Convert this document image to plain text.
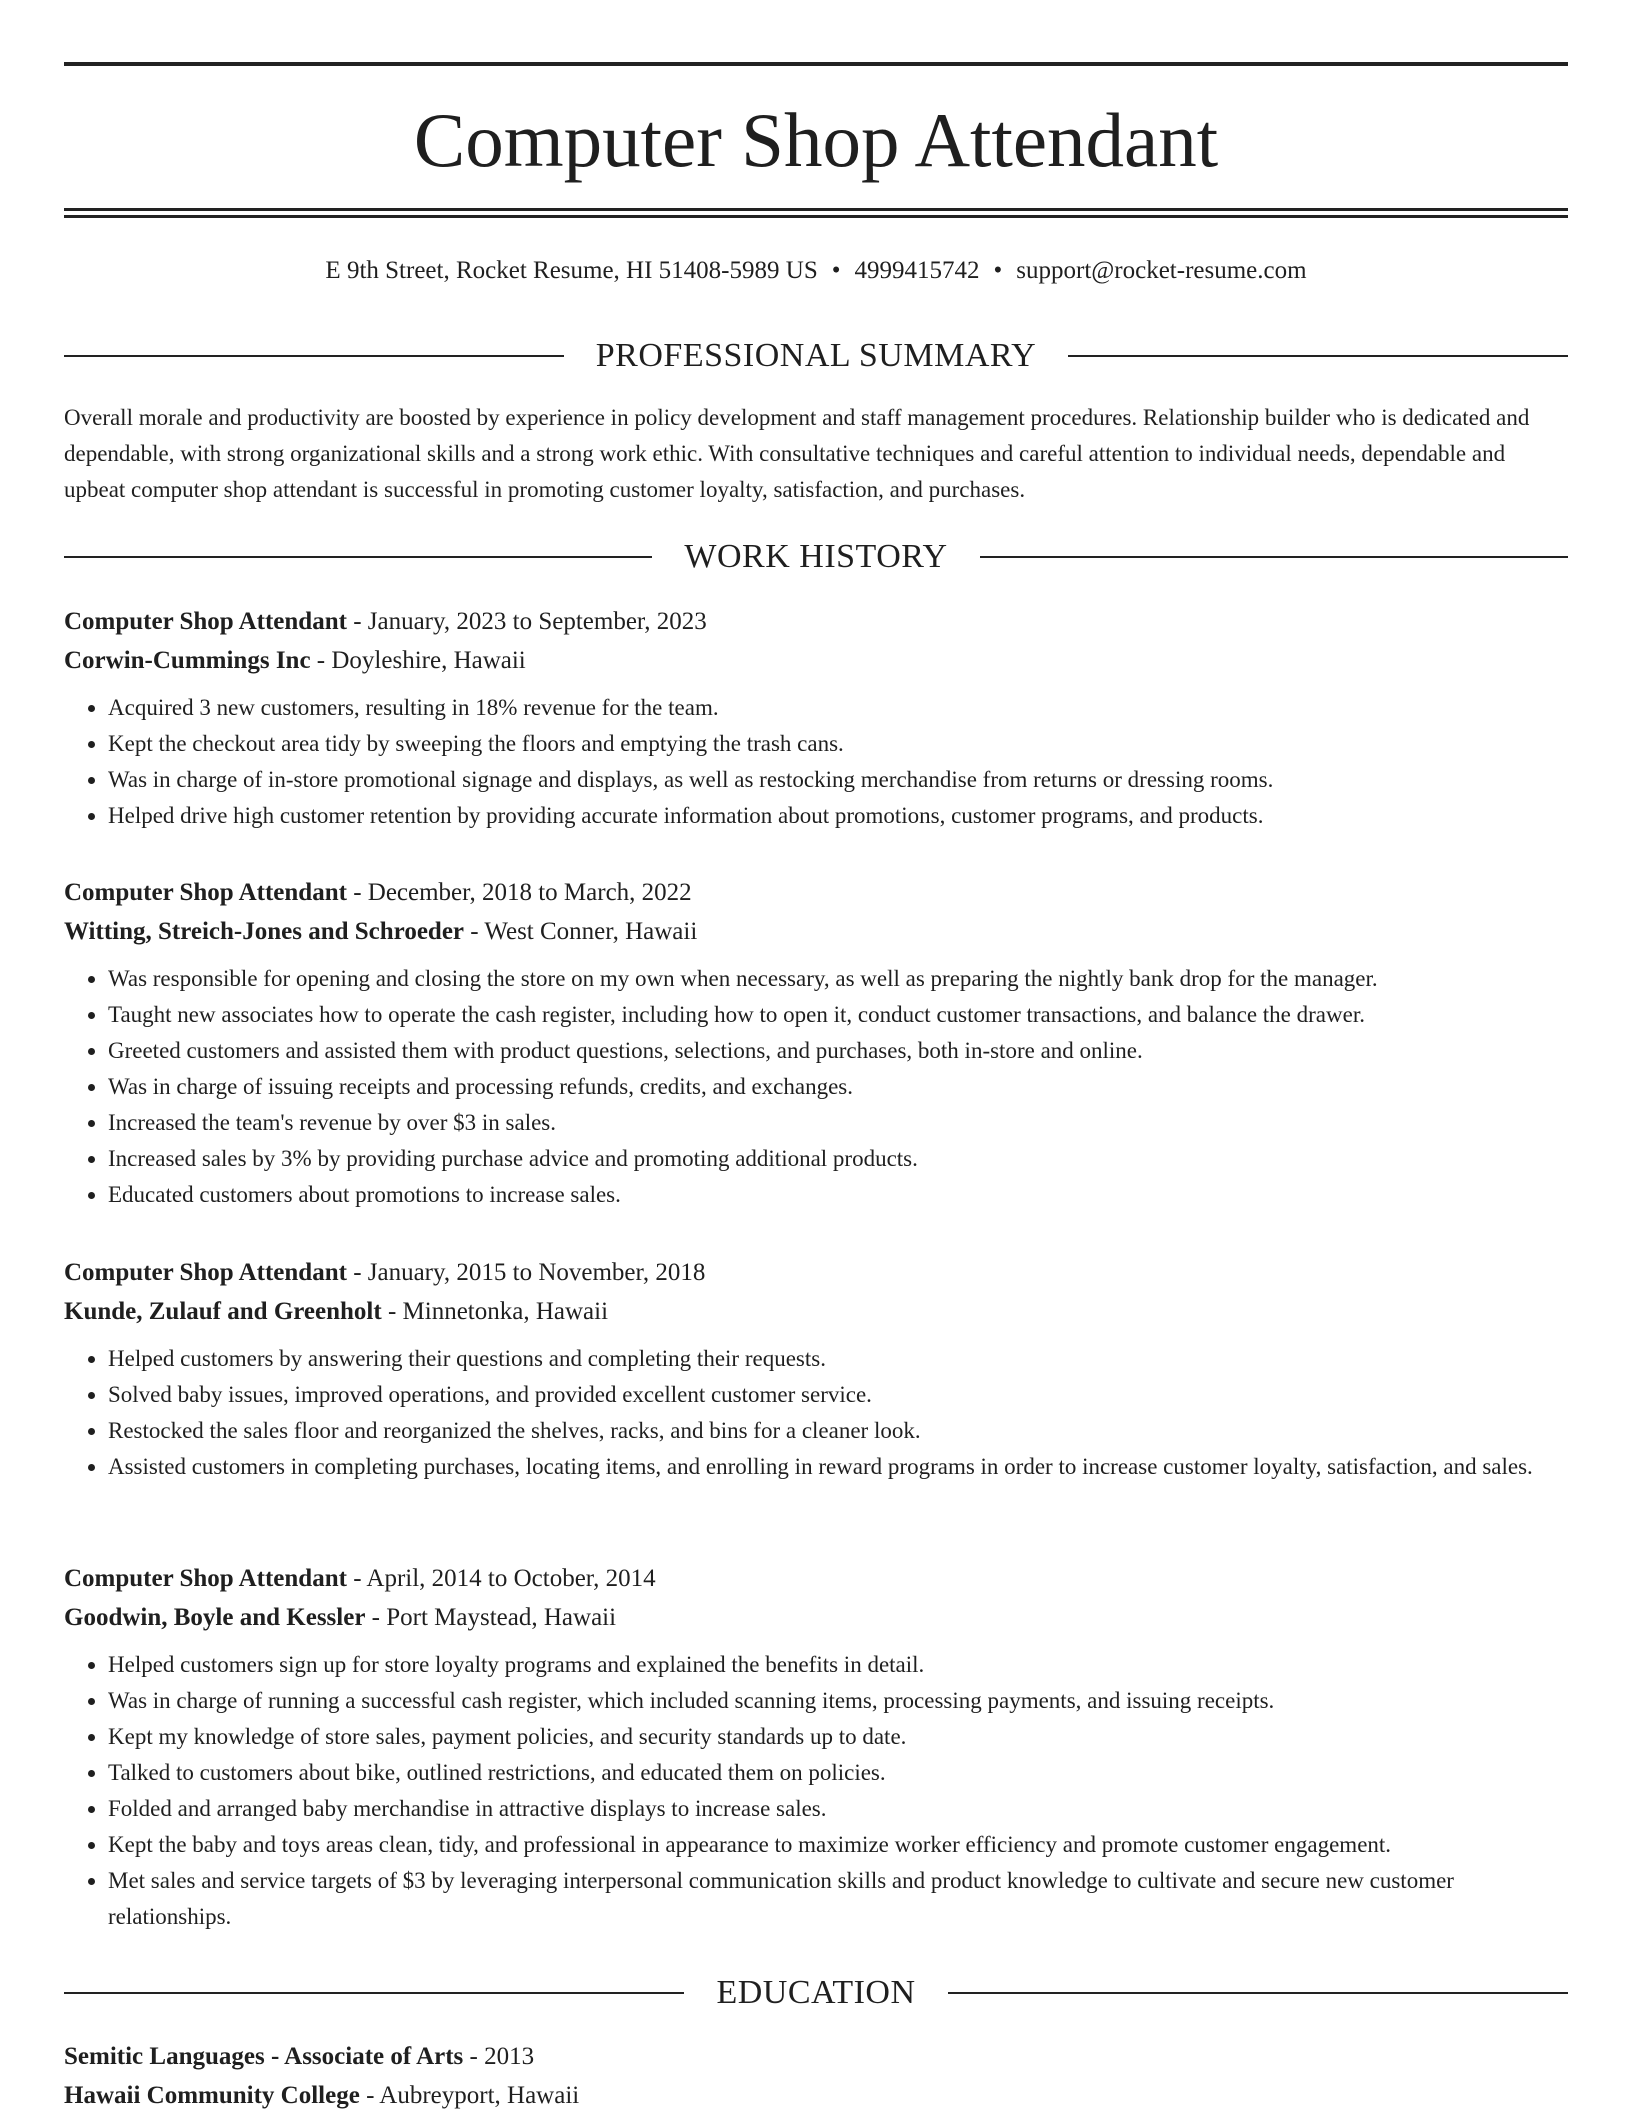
Computer Shop Attendant
E 9th Street, Rocket Resume, HI 51408-5989 US • 4999415742 • support@rocket-resume.com
PROFESSIONAL SUMMARY

Overall morale and productivity are boosted by experience in policy development and staff management procedures. Relationship builder who is dedicated and dependable, with strong organizational skills and a strong work ethic. With consultative techniques and careful attention to individual needs, dependable and upbeat computer shop attendant is successful in promoting customer loyalty, satisfaction, and purchases.

WORK HISTORY

Computer Shop Attendant - January, 2023 to September, 2023

Corwin-Cummings Inc - Doyleshire, Hawaii

• Acquired 3 new customers, resulting in 18% revenue for the team.
• Kept the checkout area tidy by sweeping the floors and emptying the trash cans.
• Was in charge of in-store promotional signage and displays, as well as restocking merchandise from returns or dressing rooms.
• Helped drive high customer retention by providing accurate information about promotions, customer programs, and products.

Computer Shop Attendant - December, 2018 to March, 2022

Witting, Streich-Jones and Schroeder - West Conner, Hawaii

• Was responsible for opening and closing the store on my own when necessary, as well as preparing the nightly bank drop for the manager.
• Taught new associates how to operate the cash register, including how to open it, conduct customer transactions, and balance the drawer.
• Greeted customers and assisted them with product questions, selections, and purchases, both in-store and online.
• Was in charge of issuing receipts and processing refunds, credits, and exchanges.
• Increased the team's revenue by over $3 in sales.
• Increased sales by 3% by providing purchase advice and promoting additional products.
• Educated customers about promotions to increase sales.

Computer Shop Attendant - January, 2015 to November, 2018

Kunde, Zulauf and Greenholt - Minnetonka, Hawaii

• Helped customers by answering their questions and completing their requests.
• Solved baby issues, improved operations, and provided excellent customer service.
• Restocked the sales floor and reorganized the shelves, racks, and bins for a cleaner look.
• Assisted customers in completing purchases, locating items, and enrolling in reward programs in order to increase customer loyalty, satisfaction, and sales.

Computer Shop Attendant - April, 2014 to October, 2014

Goodwin, Boyle and Kessler - Port Maystead, Hawaii

• Helped customers sign up for store loyalty programs and explained the benefits in detail.
• Was in charge of running a successful cash register, which included scanning items, processing payments, and issuing receipts.
• Kept my knowledge of store sales, payment policies, and security standards up to date.
• Talked to customers about bike, outlined restrictions, and educated them on policies.
• Folded and arranged baby merchandise in attractive displays to increase sales.
• Kept the baby and toys areas clean, tidy, and professional in appearance to maximize worker efficiency and promote customer engagement.
• Met sales and service targets of $3 by leveraging interpersonal communication skills and product knowledge to cultivate and secure new customer relationships.
EDUCATION

Semitic Languages - Associate of Arts - 2013

Hawaii Community College - Aubreyport, Hawaii
